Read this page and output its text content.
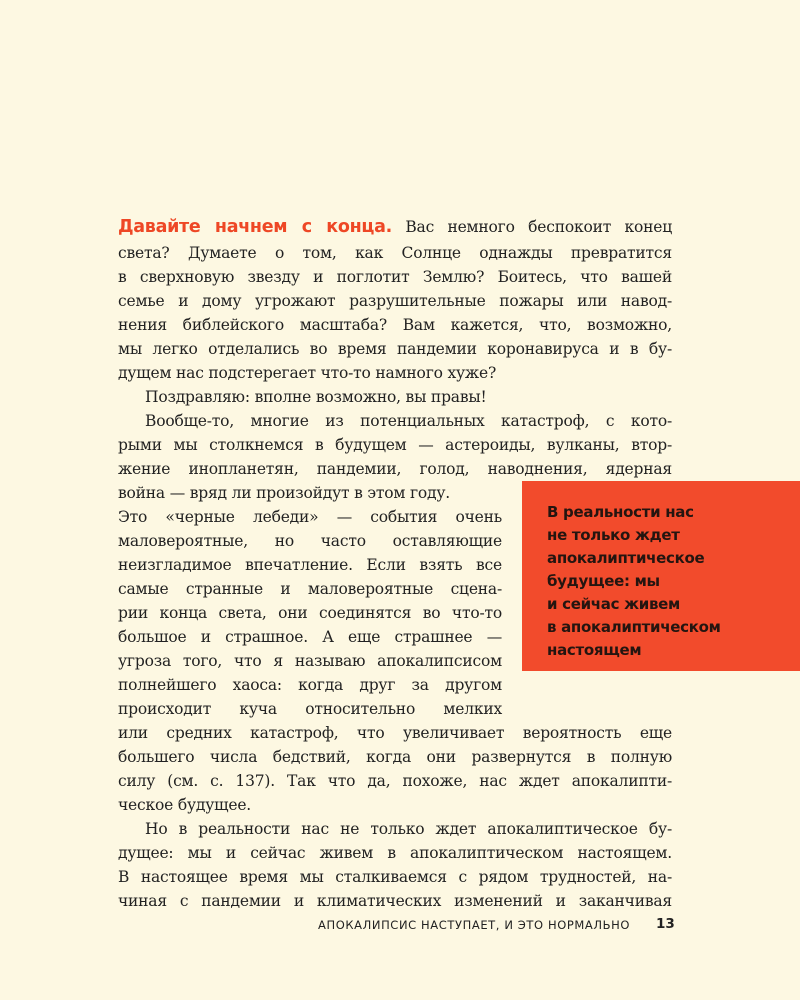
Давайте начнем с конца. Вас немного беспокоит конец
света? Думаете о том, как Солнце однажды превратится
в сверхновую звезду и поглотит Землю? Боитесь, что вашей
семье и дому угрожают разрушительные пожары или навод-
нения библейского масштаба? Вам кажется, что, возможно,
мы легко отделались во время пандемии коронавируса и в бу-
дущем нас подстерегает что-то намного хуже?
Поздравляю: вполне возможно, вы правы!
Вообще-то, многие из потенциальных катастроф, с кото-
рыми мы столкнемся в будущем — астероиды, вулканы, втор-
жение инопланетян, пандемии, голод, наводнения, ядерная
война — вряд ли произойдут в этом году.
Это «черные лебеди» — события очень
маловероятные, но часто оставляющие
неизгладимое впечатление. Если взять все
самые странные и маловероятные сцена-
рии конца света, они соединятся во что-то
большое и страшное. А еще страшнее —
угроза того, что я называю апокалипсисом
полнейшего хаоса: когда друг за другом
происходит куча относительно мелких
или средних катастроф, что увеличивает вероятность еще
большего числа бедствий, когда они развернутся в полную
силу (см. с. 137). Так что да, похоже, нас ждет апокалипти-
ческое будущее.
Но в реальности нас не только ждет апокалиптическое бу-
дущее: мы и сейчас живем в апокалиптическом настоящем.
В настоящее время мы сталкиваемся с рядом трудностей, на-
чиная с пандемии и климатических изменений и заканчивая
В реальности нас
не только ждет
апокалиптическое
будущее: мы
и сейчас живем
в апокалиптическом
настоящем
АПОКАЛИПСИС НАСТУПАЕТ, И ЭТО НОРМАЛЬНО 13
